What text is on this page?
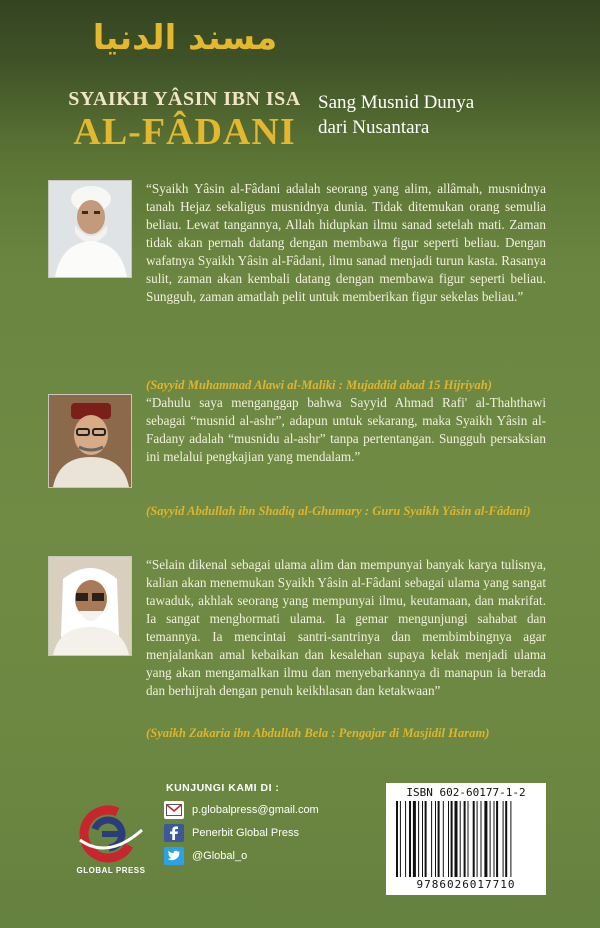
مسند الدنيا
SYAIKH YÂSIN IBN ISA
AL-FÂDANI
Sang Musnid Dunya
dari Nusantara
“Syaikh Yâsin al-Fâdani adalah seorang yang alim, allâmah, musnidnya tanah Hejaz sekaligus musnidnya dunia. Tidak ditemukan orang semulia beliau. Lewat tangannya, Allah hidupkan ilmu sanad setelah mati. Zaman tidak akan pernah datang dengan membawa figur seperti beliau. Dengan wafatnya Syaikh Yâsin al-Fâdani, ilmu sanad menjadi turun kasta. Rasanya sulit, zaman akan kembali datang dengan membawa figur seperti beliau. Sungguh, zaman amatlah pelit untuk memberikan figur sekelas beliau.”
(Sayyid Muhammad Alawi al-Maliki : Mujaddid abad 15 Hijriyah)
“Dahulu saya menganggap bahwa Sayyid Ahmad Rafi' al-Thahthawi sebagai “musnid al-ashr”, adapun untuk sekarang, maka Syaikh Yâsin al-Fadany adalah “musnidu al-ashr” tanpa pertentangan. Sungguh persaksian ini melalui pengkajian yang mendalam.”
(Sayyid Abdullah ibn Shadiq al-Ghumary : Guru Syaikh Yâsin al-Fâdani)
“Selain dikenal sebagai ulama alim dan mempunyai banyak karya tulisnya, kalian akan menemukan Syaikh Yâsin al-Fâdani sebagai ulama yang sangat tawaduk, akhlak seorang yang mempunyai ilmu, keutamaan, dan makrifat. Ia sangat menghormati ulama. Ia gemar mengunjungi sahabat dan temannya. Ia mencintai santri-santrinya dan membimbingnya agar menjalankan amal kebaikan dan kesalehan supaya kelak menjadi ulama yang akan mengamalkan ilmu dan menyebarkannya di manapun ia berada dan berhijrah dengan penuh keikhlasan dan ketakwaan”
(Syaikh Zakaria ibn Abdullah Bela : Pengajar di Masjidil Haram)
GLOBAL PRESS
KUNJUNGI KAMI DI :
p.globalpress@gmail.com
Penerbit Global Press
@Global_o
ISBN 602-60177-1-2
9786026017710
